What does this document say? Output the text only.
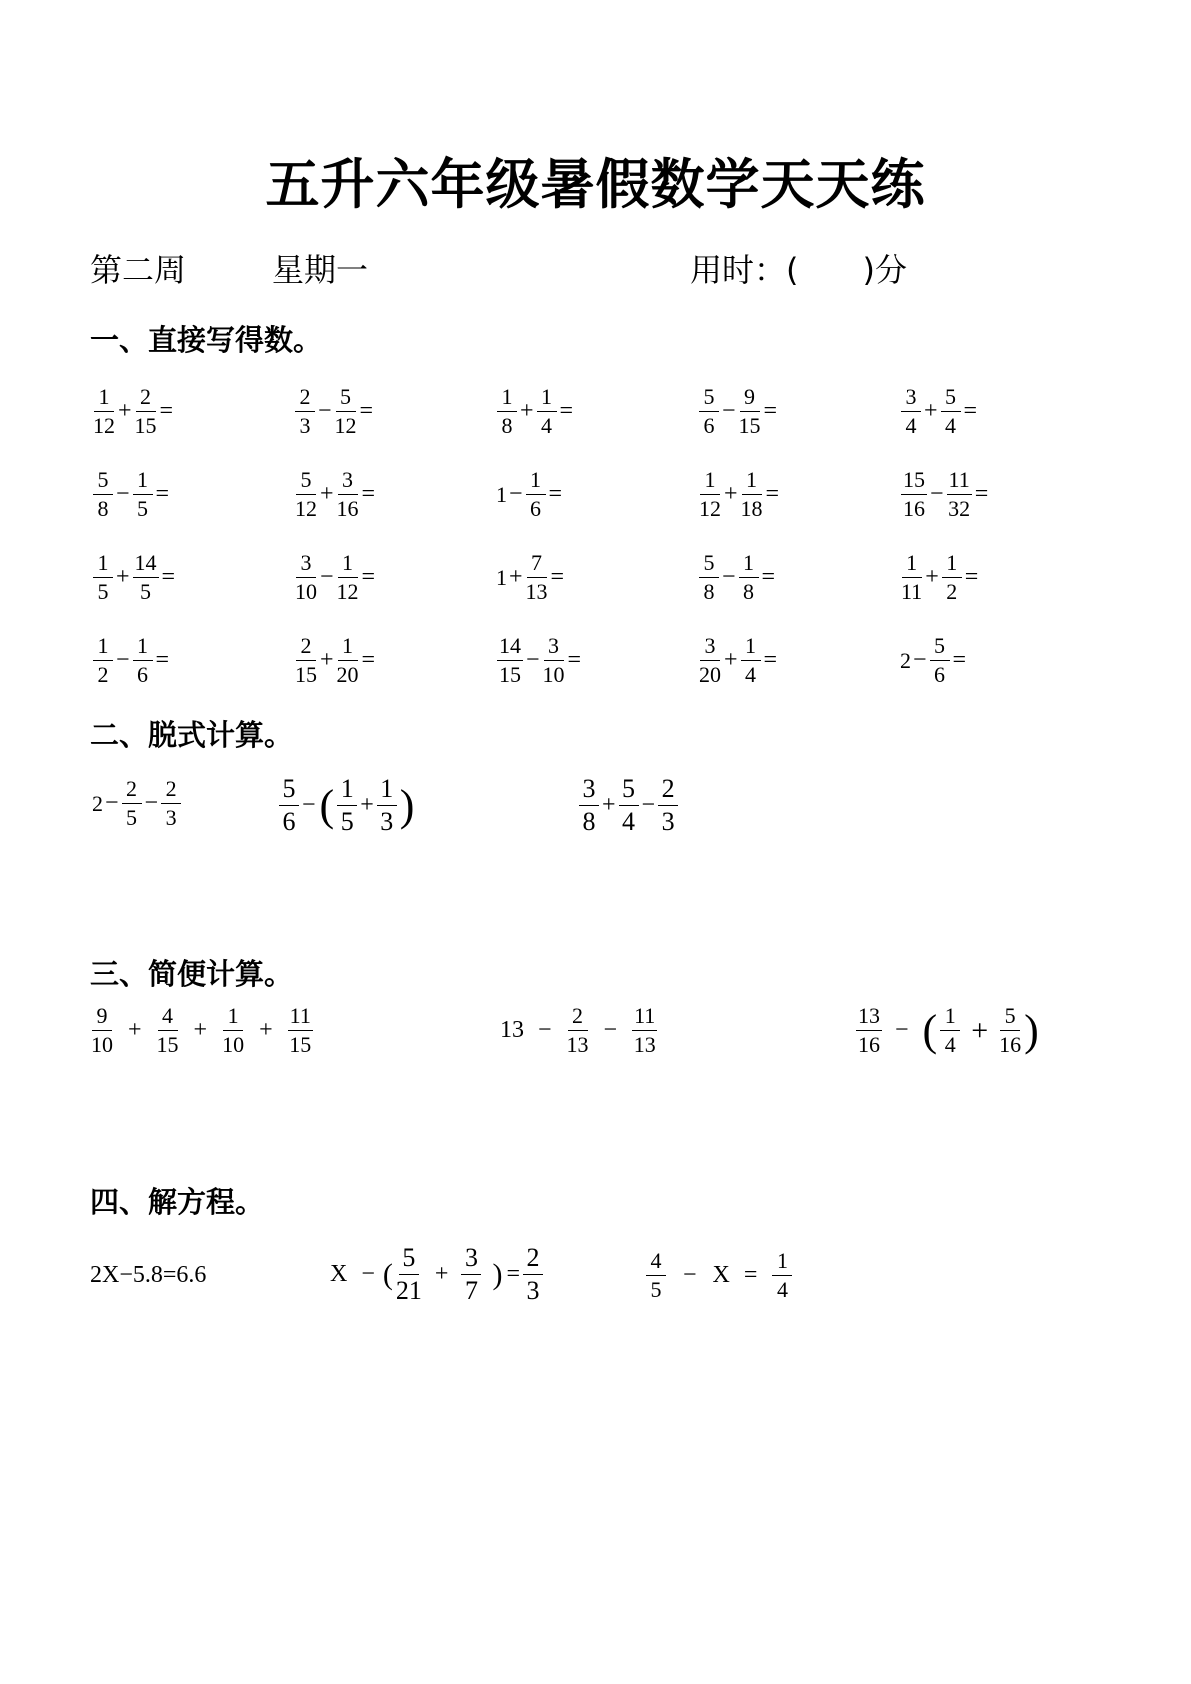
五升六年级暑假数学天天练
第二周	星期一	用时：(　　)分
一、直接写得数。
$\frac{1}{12} + \frac{2}{15}$ =	$\frac{2}{3} - \frac{5}{12}$ =	$\frac{1}{8} + \frac{1}{4}$ =	$\frac{5}{6} - \frac{9}{15}$ =	$\frac{3}{4} + \frac{5}{4}$ =
$\frac{5}{8} - \frac{1}{5}$ =	$\frac{5}{12} + \frac{3}{16}$ =	$1 - \frac{1}{6}$ =	$\frac{1}{12} + \frac{1}{18}$ =	$\frac{15}{16} - \frac{11}{32}$ =
$\frac{1}{5} + \frac{14}{5}$ =	$\frac{3}{10} - \frac{1}{12}$ =	$1 + \frac{7}{13}$ =	$\frac{5}{8} - \frac{1}{8}$ =	$\frac{1}{11} + \frac{1}{2}$ =
$\frac{1}{2} - \frac{1}{6}$ =	$\frac{2}{15} + \frac{1}{20}$ =	$\frac{14}{15} - \frac{3}{10}$ =	$\frac{3}{20} + \frac{1}{4}$ =	$2 - \frac{5}{6}$ =
二、脱式计算。
$2 - \frac{2}{5} - \frac{2}{3}$	$\frac{5}{6}$ − ( $\frac{1}{5} + \frac{1}{3}$ )	$\frac{3}{8} + \frac{5}{4} - \frac{2}{3}$
三、简便计算。
$\frac{9}{10} + \frac{4}{15} + \frac{1}{10} + \frac{11}{15}$	$13 - \frac{2}{13} - \frac{11}{13}$	$\frac{13}{16}$ − ( $\frac{1}{4} + \frac{5}{16}$ )
四、解方程。
2X−5.8=6.6	X − ( $\frac{5}{21} + \frac{3}{7}$ ) = $\frac{2}{3}$	$\frac{4}{5} - X = \frac{1}{4}$
